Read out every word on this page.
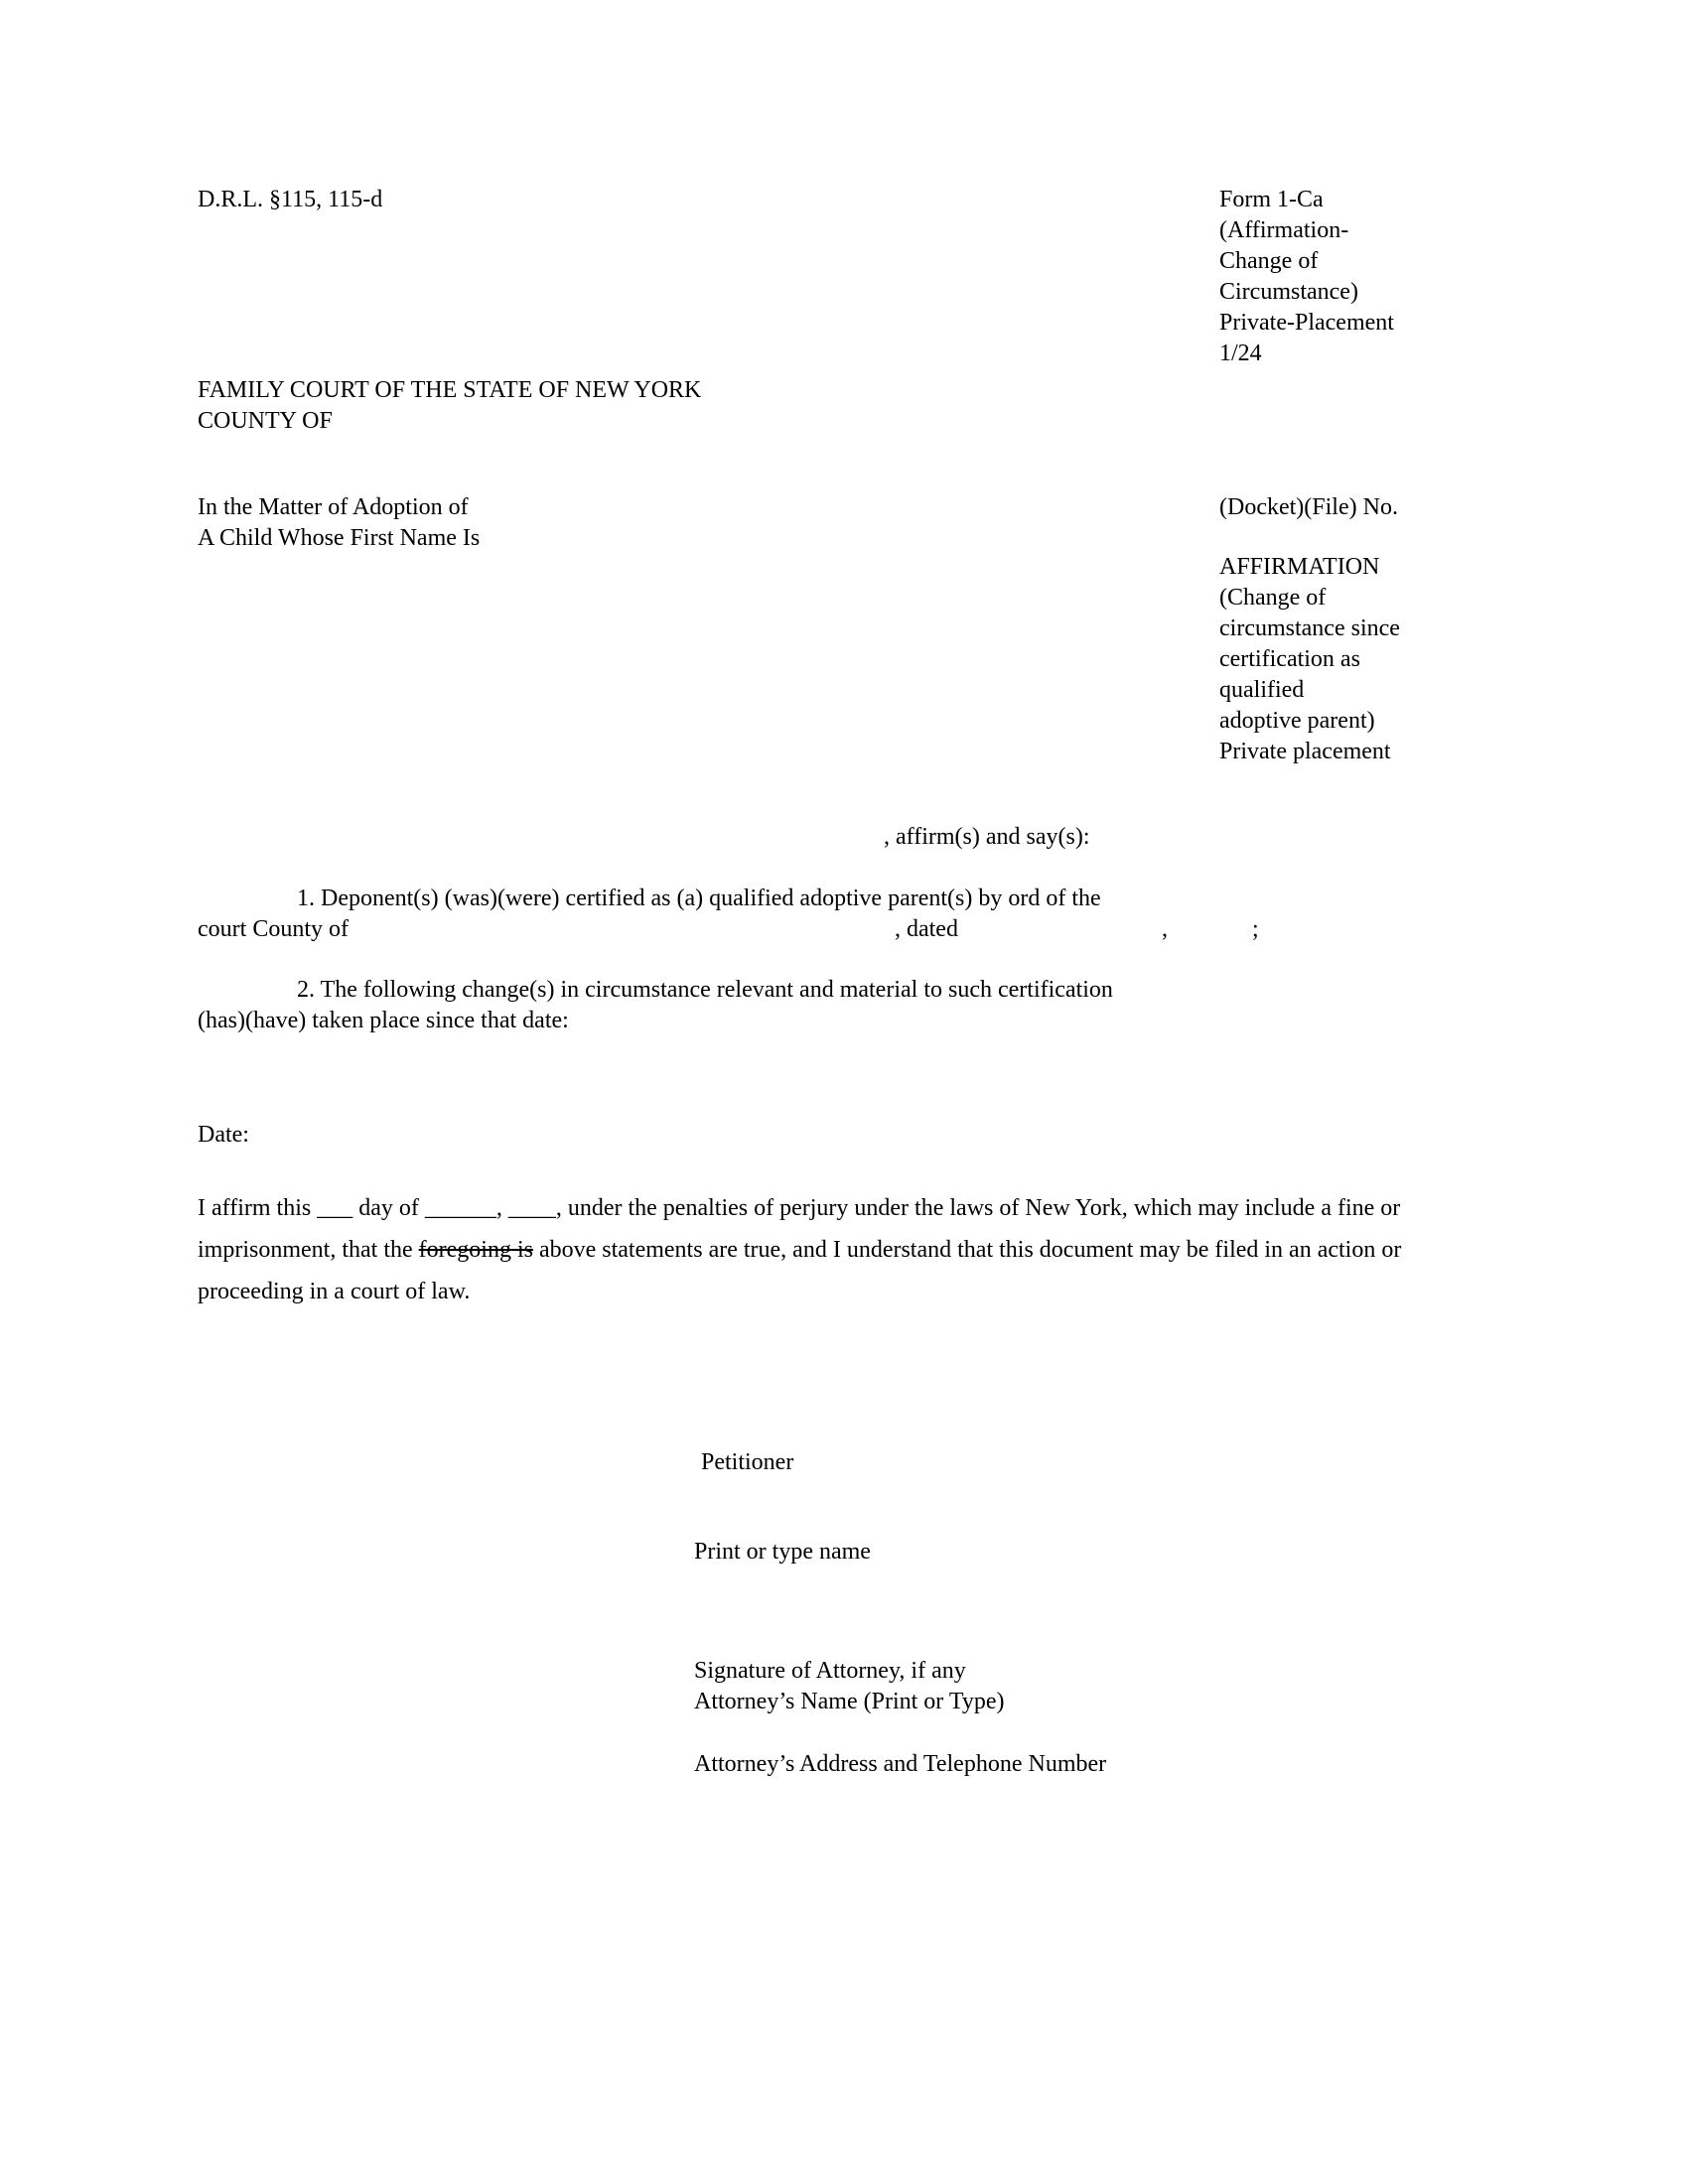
D.R.L. §115, 115-d	Form 1-Ca
(Affirmation-
Change of
Circumstance)
Private-Placement
1/24
FAMILY COURT OF THE STATE OF NEW YORK
COUNTY OF
In the Matter of Adoption of
A Child Whose First Name Is
(Docket)(File) No.
AFFIRMATION
(Change of
circumstance since
certification as
qualified
adoptive parent)
Private placement
, affirm(s) and say(s):
1. Deponent(s) (was)(were) certified as (a) qualified adoptive parent(s) by ord of the
court County of	, dated	,	;
2. The following change(s) in circumstance relevant and material to such certification
(has)(have) taken place since that date:
Date:
I affirm this ___ day of ______, ____, under the penalties of perjury under the laws of New York, which may include a fine or imprisonment, that the foregoing is above statements are true, and I understand that this document may be filed in an action or proceeding in a court of law.
Petitioner
Print or type name
Signature of Attorney, if any
Attorney’s Name (Print or Type)
Attorney’s Address and Telephone Number
